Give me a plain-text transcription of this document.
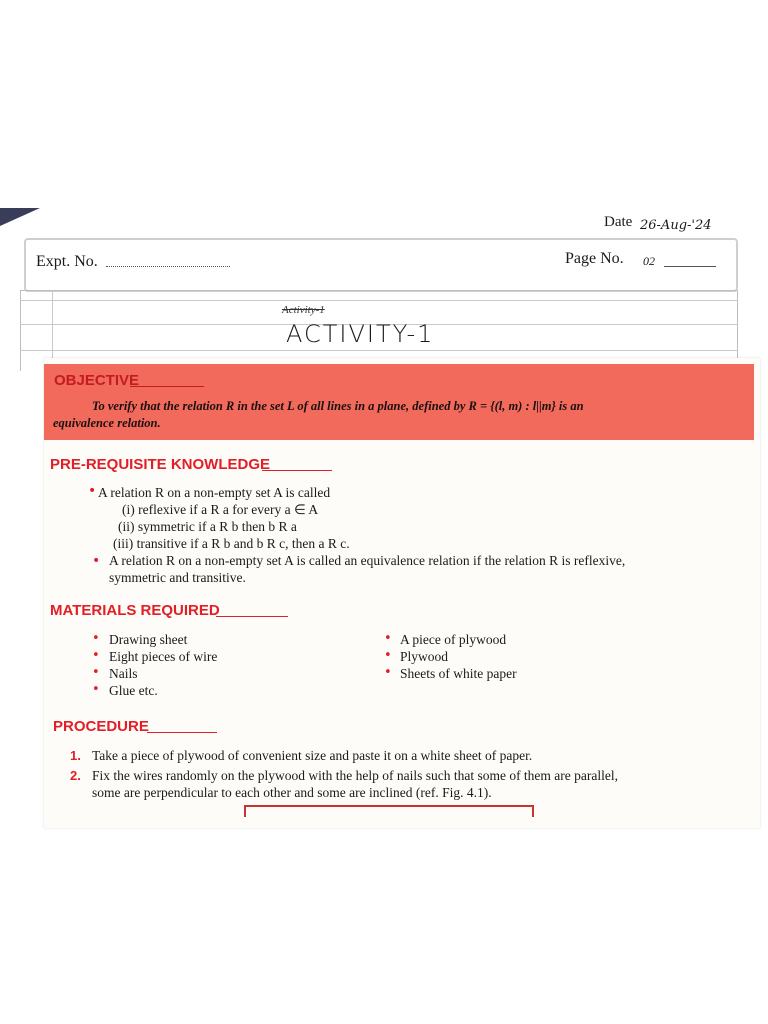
Date 26-Aug-'24
Expt. No.	Page No. 02
Activity-1
ACTIVITY-1
OBJECTIVE
To verify that the relation R in the set L of all lines in a plane, defined by R = {(l, m) : l||m} is an
equivalence relation.
PRE-REQUISITE KNOWLEDGE
• A relation R on a non-empty set A is called
(i) reflexive if a R a for every a ∈ A
(ii) symmetric if a R b then b R a
(iii) transitive if a R b and b R c, then a R c.
• A relation R on a non-empty set A is called an equivalence relation if the relation R is reflexive,
symmetric and transitive.
MATERIALS REQUIRED
• Drawing sheet
• Eight pieces of wire
• Nails
• Glue etc.
• A piece of plywood
• Plywood
• Sheets of white paper
PROCEDURE
1. Take a piece of plywood of convenient size and paste it on a white sheet of paper.
2. Fix the wires randomly on the plywood with the help of nails such that some of them are parallel,
some are perpendicular to each other and some are inclined (ref. Fig. 4.1).
